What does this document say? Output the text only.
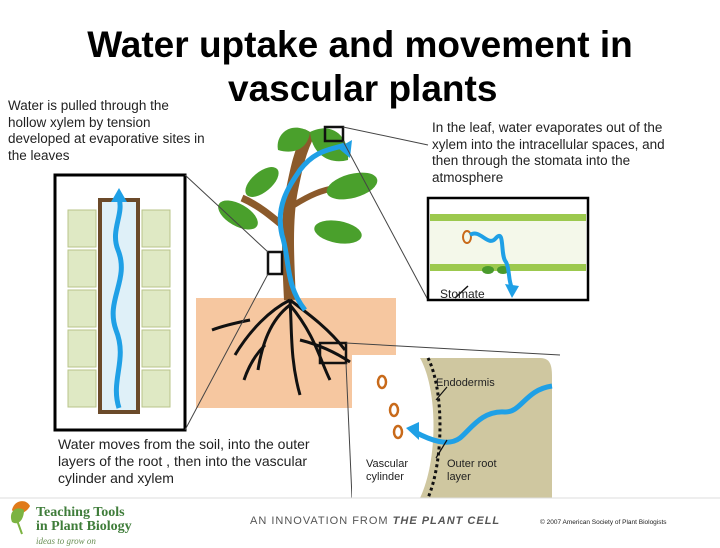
Water uptake and movement in
vascular plants
Water is pulled through the hollow xylem by tension developed at evaporative sites in the leaves
In the leaf, water evaporates out of the xylem into the intracellular spaces, and then through the stomata into the atmosphere
Water moves from the soil, into the outer layers of the root , then into the vascular cylinder and xylem
Stomate
Endodermis
Vascular cylinder
Outer root layer
Teaching Tools
in Plant Biology
ideas to grow on
AN INNOVATION FROM THE PLANT CELL	© 2007 American Society of Plant Biologists
